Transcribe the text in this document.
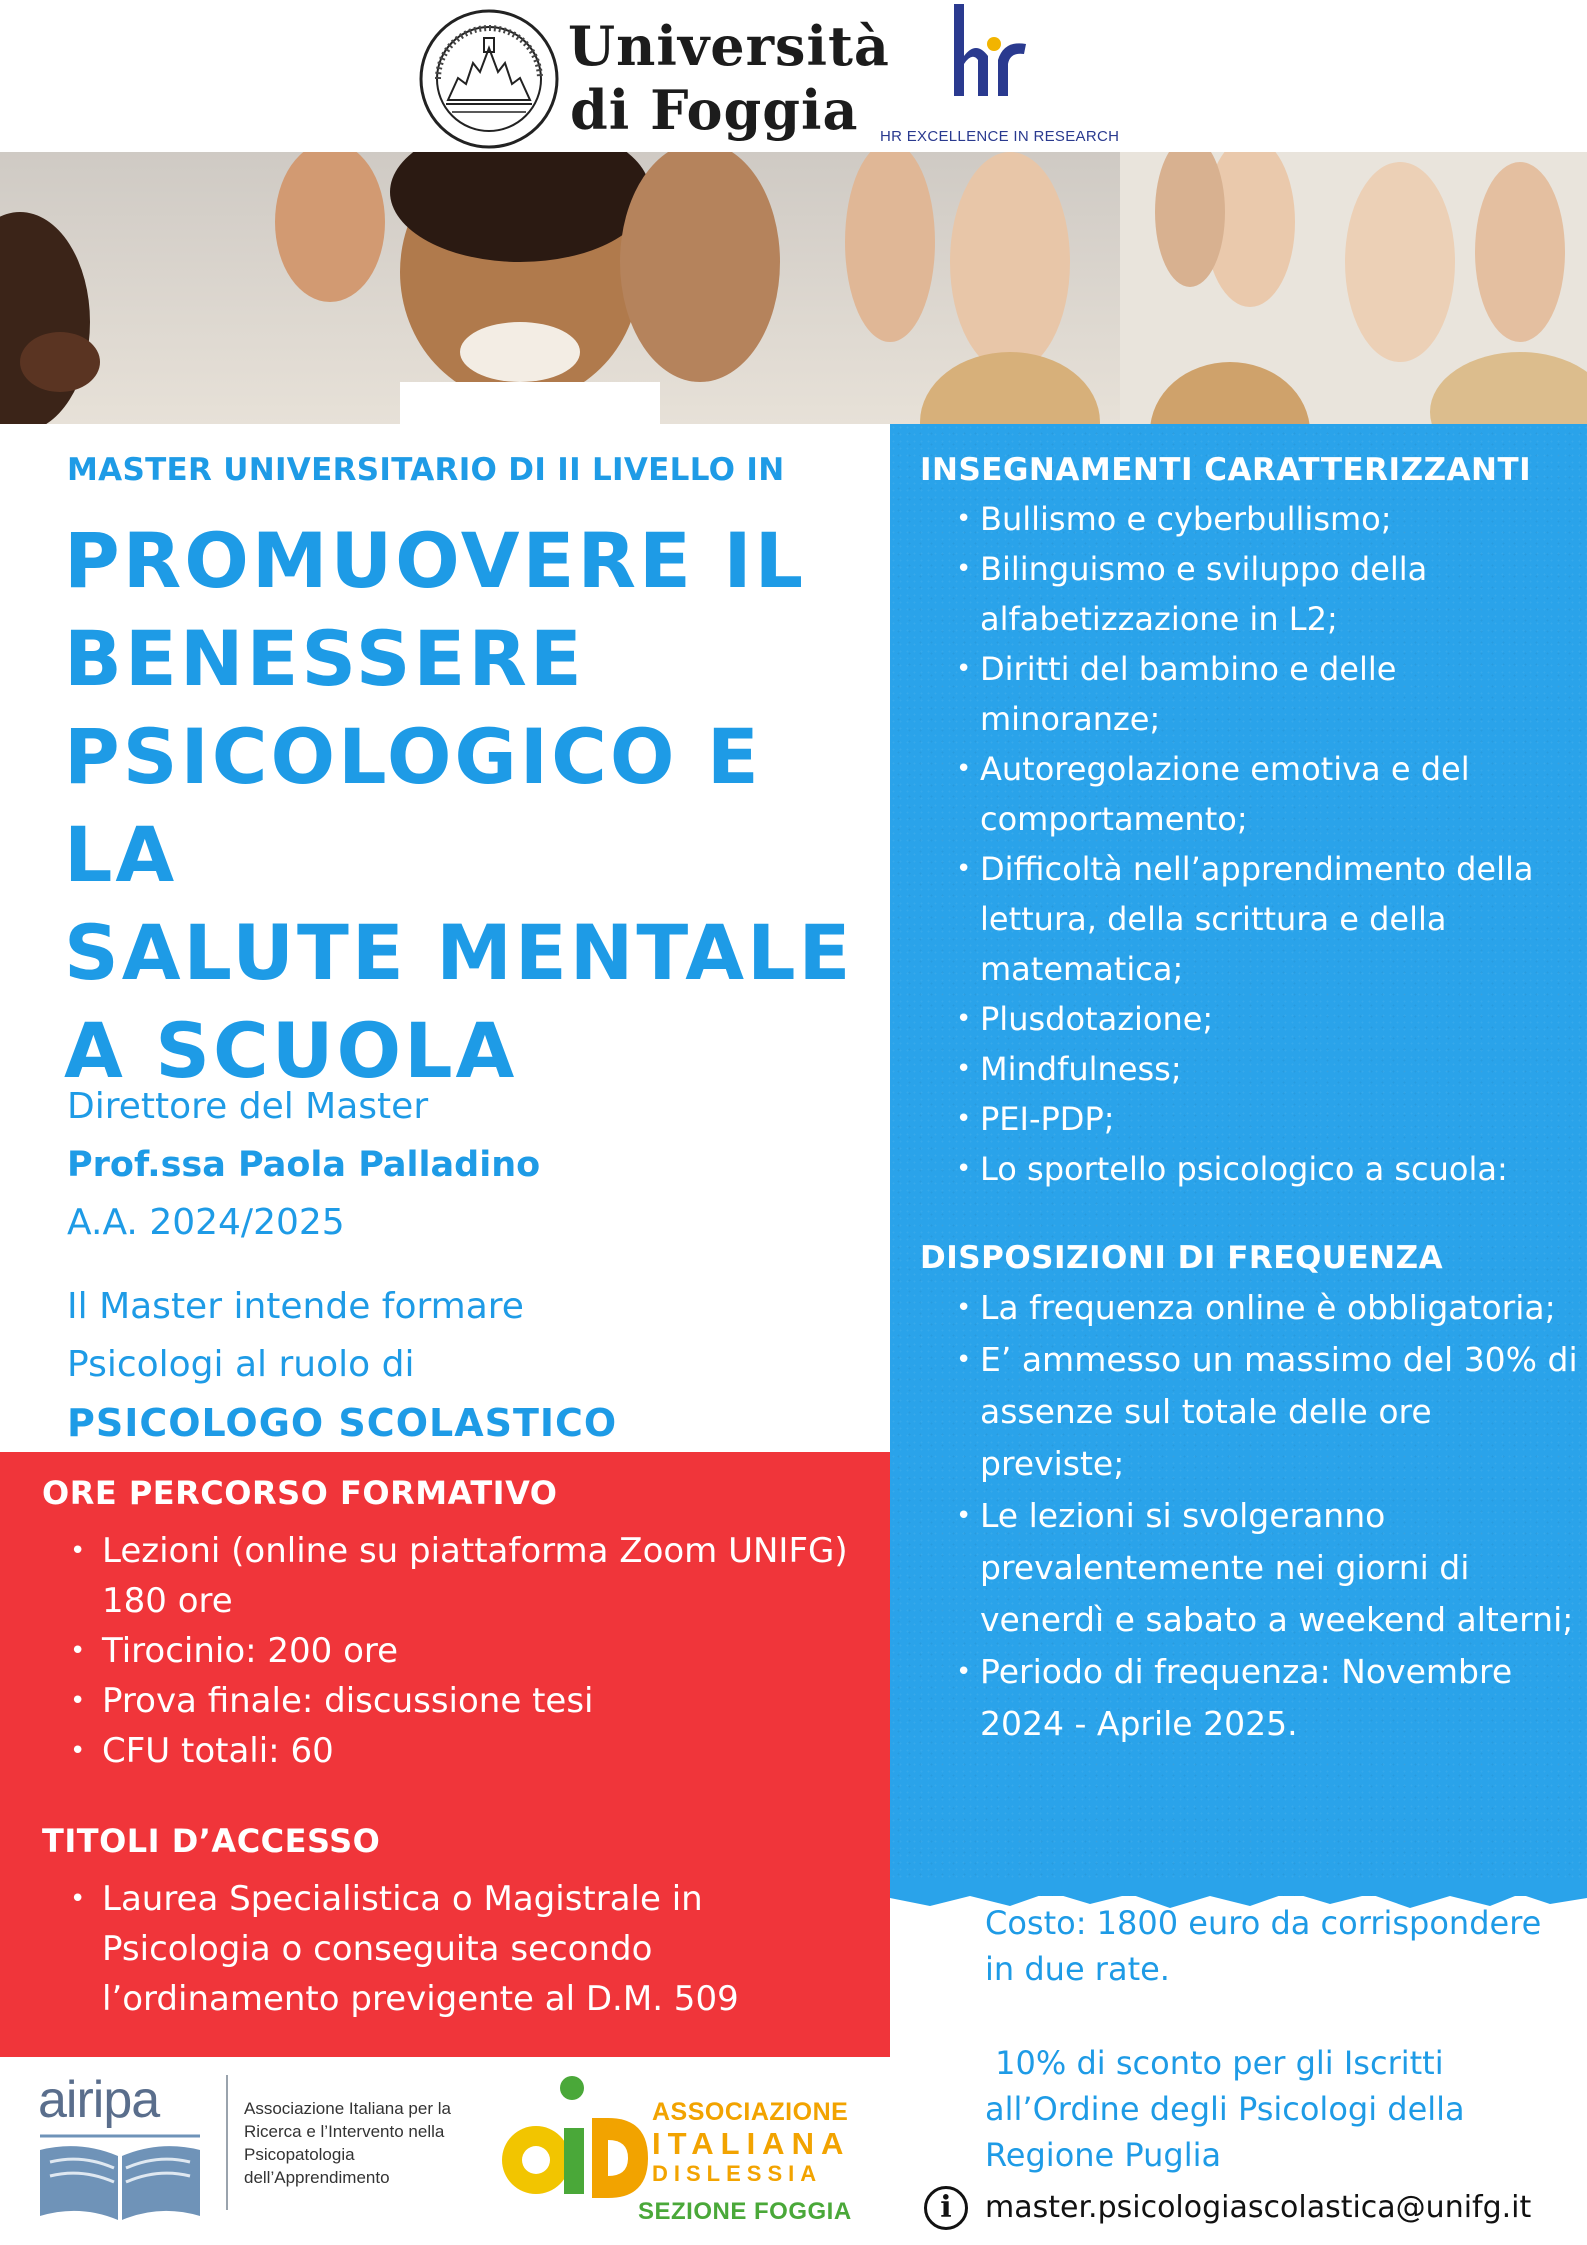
Università
di Foggia	HR EXCELLENCE IN RESEARCH
MASTER UNIVERSITARIO DI II LIVELLO IN
PROMUOVERE IL
BENESSERE
PSICOLOGICO E LA
SALUTE MENTALE
A SCUOLA
Direttore del Master
Prof.ssa Paola Palladino
A.A. 2024/2025
Il Master intende formare
Psicologi al ruolo di
PSICOLOGO SCOLASTICO
ORE PERCORSO FORMATIVO
• Lezioni (online su piattaforma Zoom UNIFG) 180 ore
• Tirocinio: 200 ore
• Prova finale: discussione tesi
• CFU totali: 60
TITOLI D’ACCESSO
• Laurea Specialistica o Magistrale in Psicologia o conseguita secondo l’ordinamento previgente al D.M. 509
INSEGNAMENTI CARATTERIZZANTI
• Bullismo e cyberbullismo;
• Bilinguismo e sviluppo della alfabetizzazione in L2;
• Diritti del bambino e delle minoranze;
• Autoregolazione emotiva e del comportamento;
• Difficoltà nell’apprendimento della lettura, della scrittura e della matematica;
• Plusdotazione;
• Mindfulness;
• PEI-PDP;
• Lo sportello psicologico a scuola:
DISPOSIZIONI DI FREQUENZA
• La frequenza online è obbligatoria;
• E’ ammesso un massimo del 30% di assenze sul totale delle ore previste;
• Le lezioni si svolgeranno prevalentemente nei giorni di venerdì e sabato a weekend alterni;
• Periodo di frequenza: Novembre 2024 - Aprile 2025.
Costo: 1800 euro da corrispondere
in due rate.
10% di sconto per gli Iscritti
all’Ordine degli Psicologi della
Regione Puglia
i	master.psicologiascolastica@unifg.it
airipa	Associazione Italiana per la
Ricerca e l’Intervento nella
Psicopatologia
dell’Apprendimento
ASSOCIAZIONE
ITALIANA
DISLESSIA
SEZIONE FOGGIA
